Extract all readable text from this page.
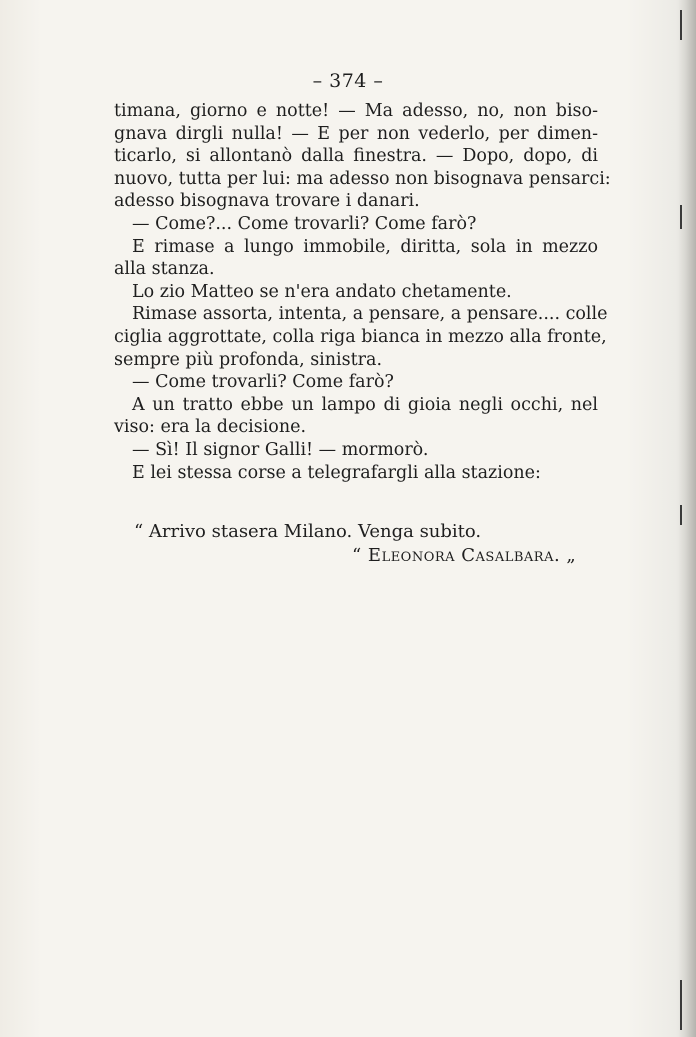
– 374 –
timana, giorno e notte! — Ma adesso, no, non biso-
gnava dirgli nulla! — E per non vederlo, per dimen-
ticarlo, si allontanò dalla finestra. — Dopo, dopo, di
nuovo, tutta per lui: ma adesso non bisognava pensarci:
adesso bisognava trovare i danari.
— Come?... Come trovarli? Come farò?
E rimase a lungo immobile, diritta, sola in mezzo
alla stanza.
Lo zio Matteo se n'era andato chetamente.
Rimase assorta, intenta, a pensare, a pensare.... colle
ciglia aggrottate, colla riga bianca in mezzo alla fronte,
sempre più profonda, sinistra.
— Come trovarli? Come farò?
A un tratto ebbe un lampo di gioia negli occhi, nel
viso: era la decisione.
— Sì! Il signor Galli! — mormorò.
E lei stessa corse a telegrafargli alla stazione:
“ Arrivo stasera Milano. Venga subito.
“ Eleonora Casalbara. „
